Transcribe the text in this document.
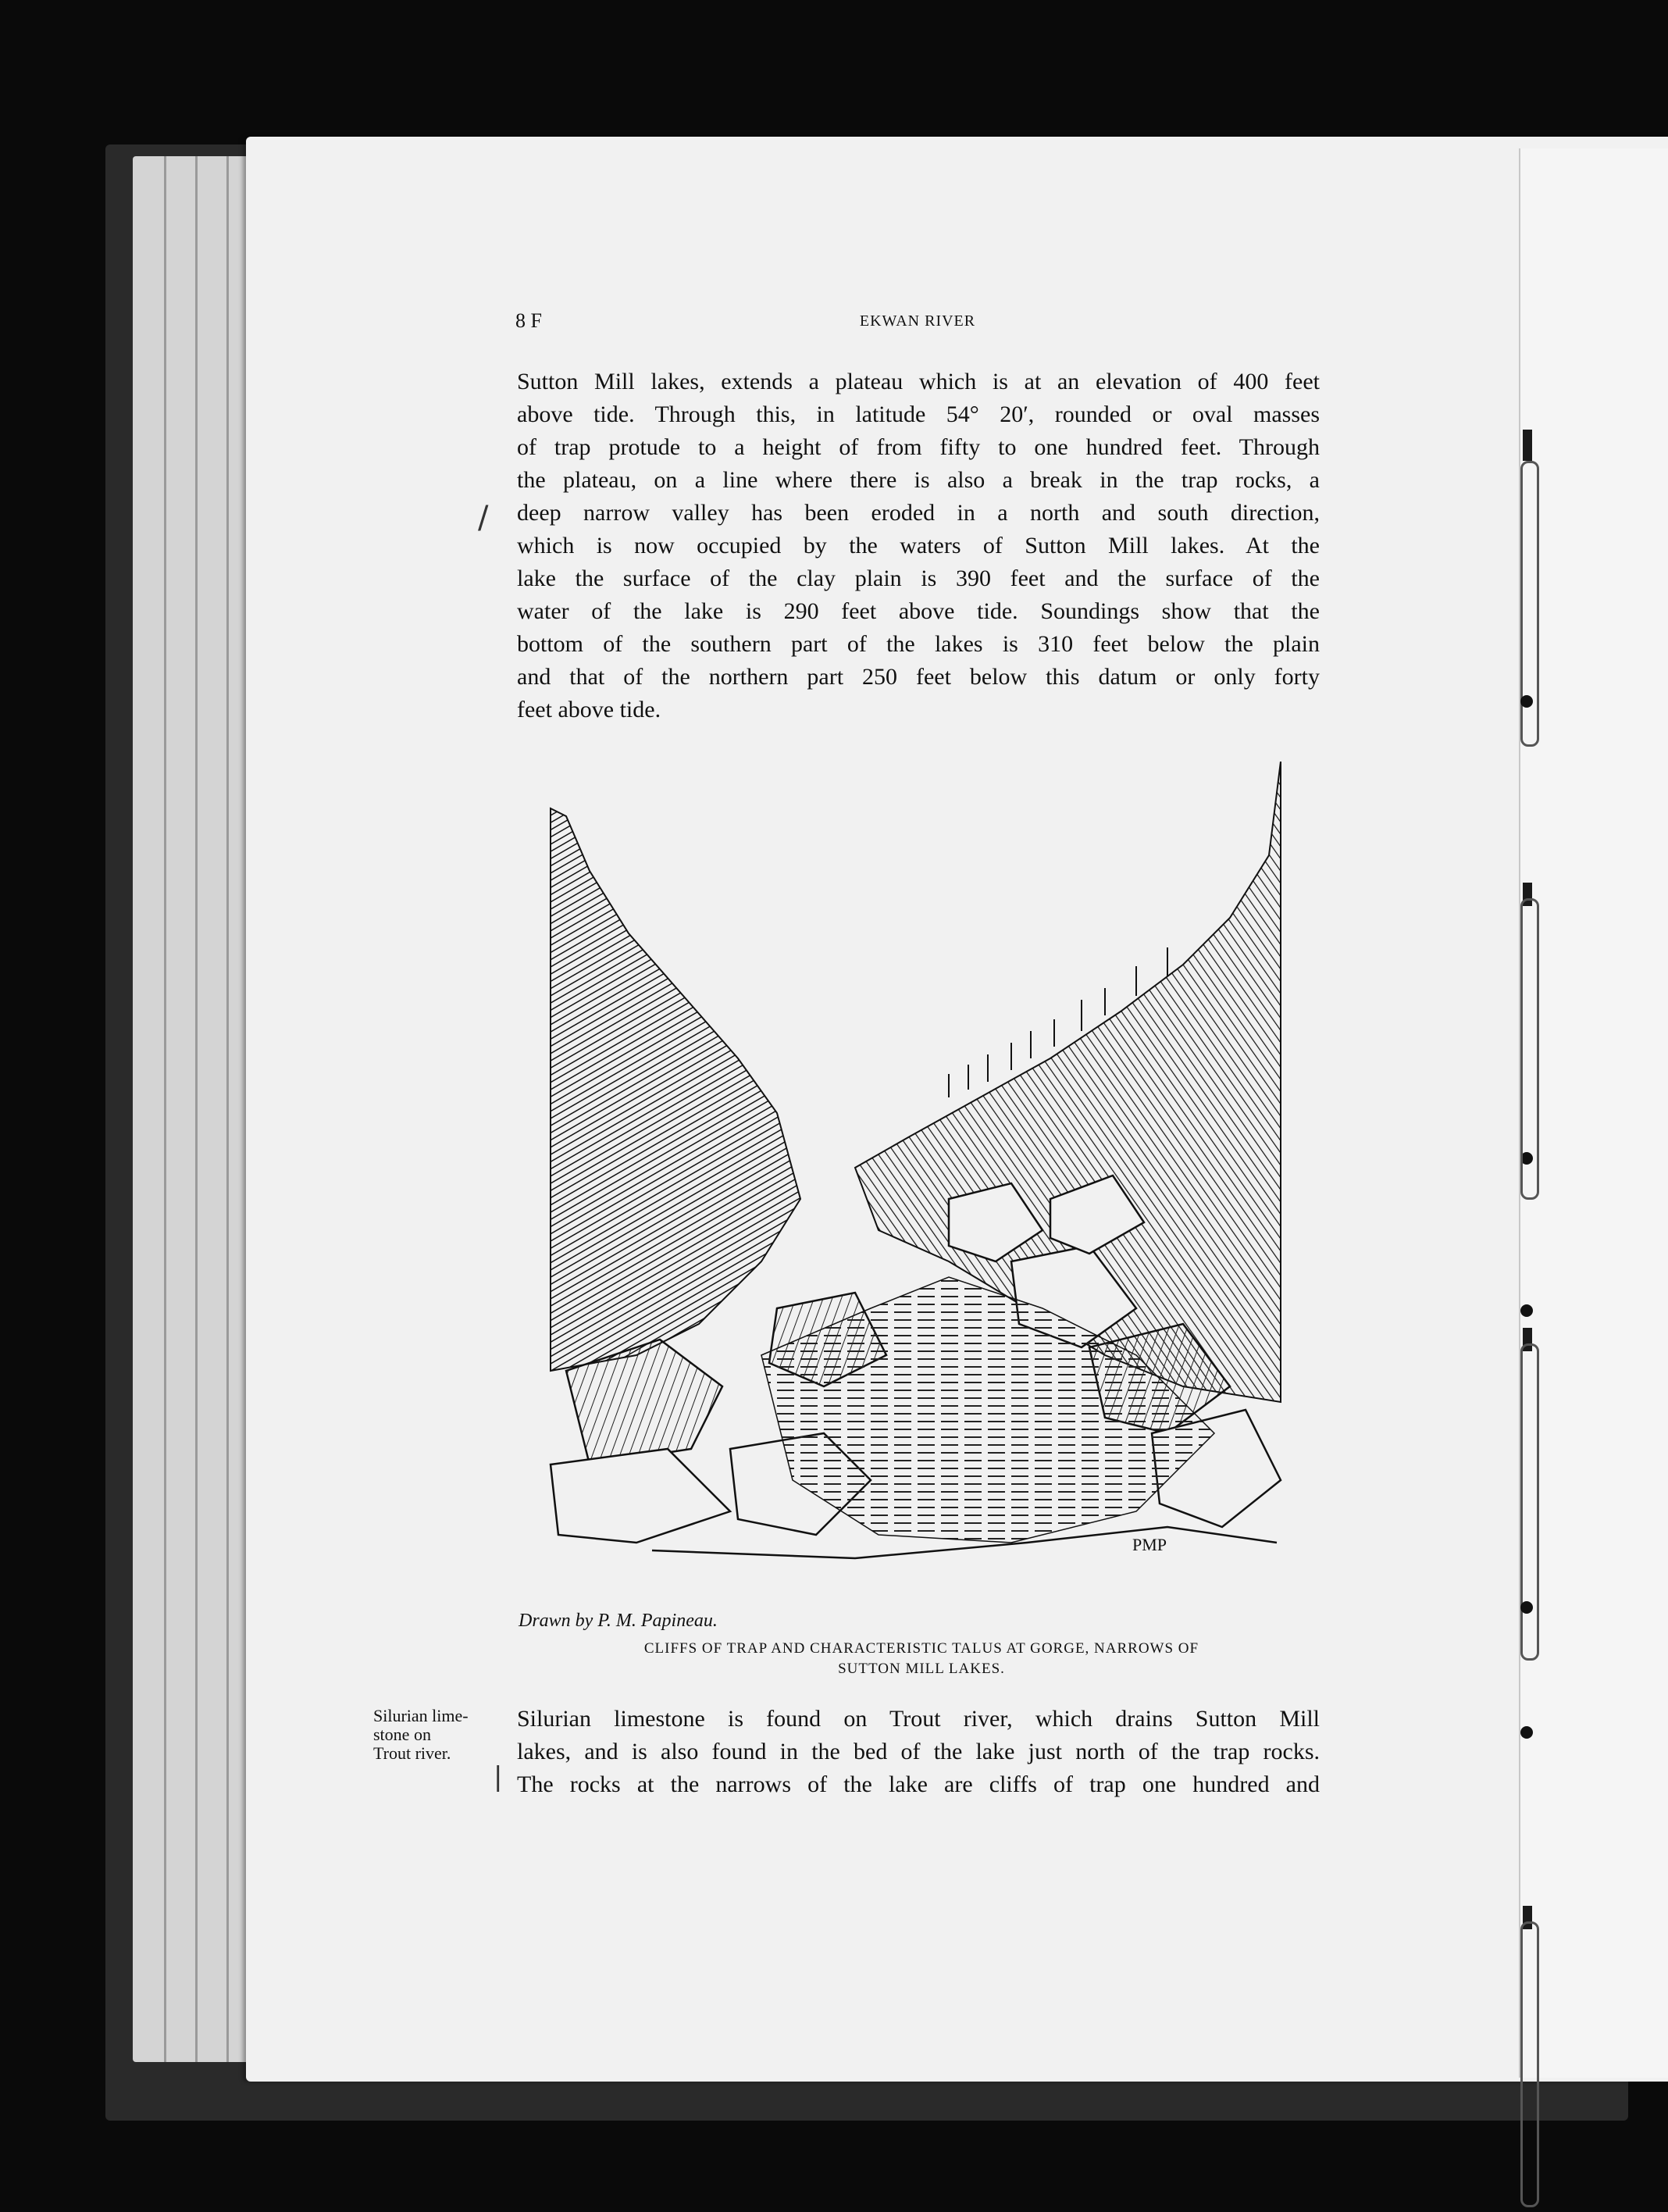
8 F	EKWAN RIVER
Sutton Mill lakes, extends a plateau which is at an elevation of 400 feet
above tide. Through this, in latitude 54° 20′, rounded or oval masses
of trap protude to a height of from fifty to one hundred feet. Through
the plateau, on a line where there is also a break in the trap rocks, a
deep narrow valley has been eroded in a north and south direction,
which is now occupied by the waters of Sutton Mill lakes. At the
lake the surface of the clay plain is 390 feet and the surface of the
water of the lake is 290 feet above tide. Soundings show that the
bottom of the southern part of the lakes is 310 feet below the plain
and that of the northern part 250 feet below this datum or only forty
feet above tide.
/
|
PMP
Drawn by P. M. Papineau.
CLIFFS OF TRAP AND CHARACTERISTIC TALUS AT GORGE, NARROWS OF
SUTTON MILL LAKES.
Silurian lime-
stone on
Trout river.
Silurian limestone is found on Trout river, which drains Sutton Mill
lakes, and is also found in the bed of the lake just north of the trap rocks.
The rocks at the narrows of the lake are cliffs of trap one hundred and
